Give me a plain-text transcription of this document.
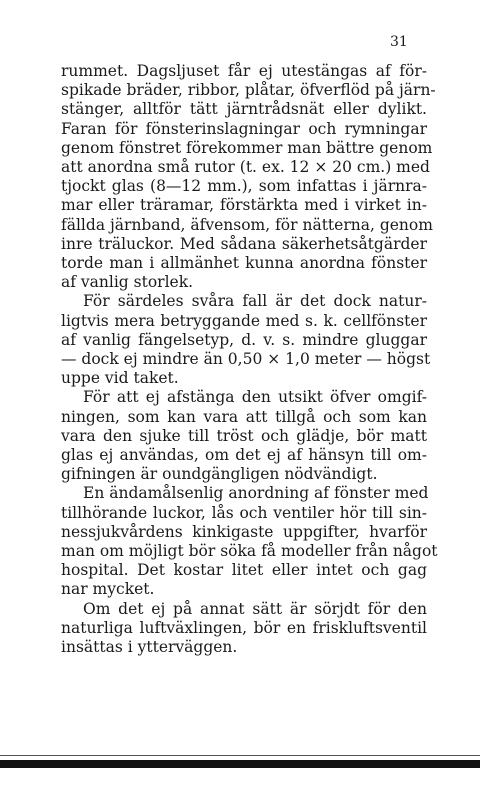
31
rummet. Dagsljuset får ej utestängas af för-
spikade bräder, ribbor, plåtar, öfverflöd på järn-
stänger, alltför tätt järntrådsnät eller dylikt.
Faran för fönsterinslagningar och rymningar
genom fönstret förekommer man bättre genom
att anordna små rutor (t. ex. 12 × 20 cm.) med
tjockt glas (8—12 mm.), som infattas i järnra-
mar eller träramar, förstärkta med i virket in-
fällda järnband, äfvensom, för nätterna, genom
inre träluckor. Med sådana säkerhetsåtgärder
torde man i allmänhet kunna anordna fönster
af vanlig storlek.
För särdeles svåra fall är det dock natur-
ligtvis mera betryggande med s. k. cellfönster
af vanlig fängelsetyp, d. v. s. mindre gluggar
— dock ej mindre än 0,50 × 1,0 meter — högst
uppe vid taket.
För att ej afstänga den utsikt öfver omgif-
ningen, som kan vara att tillgå och som kan
vara den sjuke till tröst och glädje, bör matt
glas ej användas, om det ej af hänsyn till om-
gifningen är oundgängligen nödvändigt.
En ändamålsenlig anordning af fönster med
tillhörande luckor, lås och ventiler hör till sin-
nessjukvårdens kinkigaste uppgifter, hvarför
man om möjligt bör söka få modeller från något
hospital. Det kostar litet eller intet och gag
nar mycket.
Om det ej på annat sätt är sörjdt för den
naturliga luftväxlingen, bör en friskluftsventil
insättas i ytterväggen.
